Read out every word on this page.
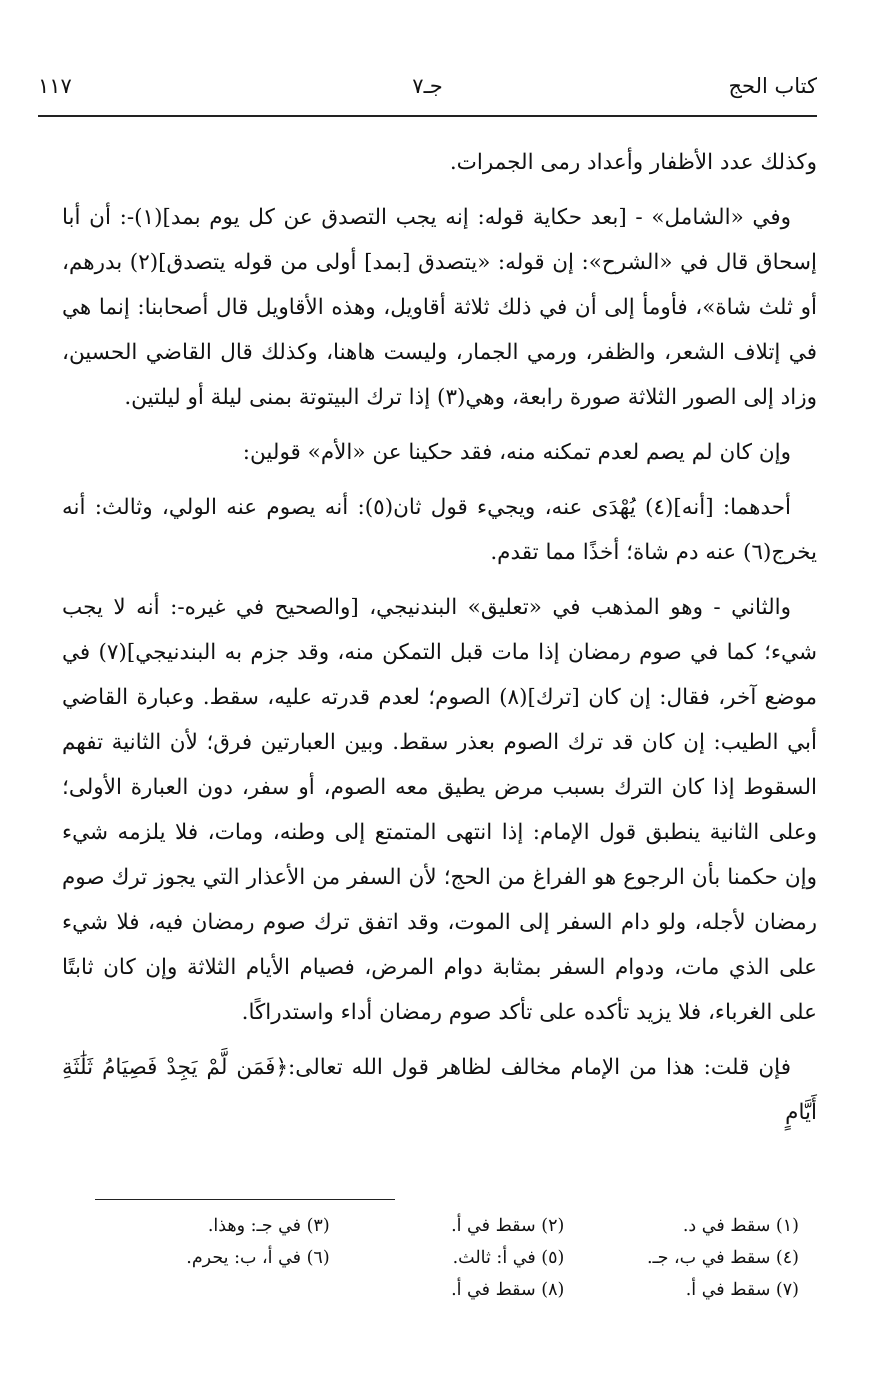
كتاب الحج
جـ٧
١١٧

وكذلك عدد الأظفار وأعداد رمى الجمرات.

وفي «الشامل» - [بعد حكاية قوله: إنه يجب التصدق عن كل يوم بمد](١)-: أن أبا إسحاق قال في «الشرح»: إن قوله: «يتصدق [بمد] أولى من قوله يتصدق](٢) بدرهم، أو ثلث شاة»، فأومأ إلى أن في ذلك ثلاثة أقاويل، وهذه الأقاويل قال أصحابنا: إنما هي في إتلاف الشعر، والظفر، ورمي الجمار، وليست هاهنا، وكذلك قال القاضي الحسين، وزاد إلى الصور الثلاثة صورة رابعة، وهي(٣) إذا ترك البيتوتة بمنى ليلة أو ليلتين.

وإن كان لم يصم لعدم تمكنه منه، فقد حكينا عن «الأم» قولين:

أحدهما: [أنه](٤) يُهْدَى عنه، ويجيء قول ثان(٥): أنه يصوم عنه الولي، وثالث: أنه يخرج(٦) عنه دم شاة؛ أخذًا مما تقدم.

والثاني - وهو المذهب في «تعليق» البندنيجي، [والصحيح في غيره-: أنه لا يجب شيء؛ كما في صوم رمضان إذا مات قبل التمكن منه، وقد جزم به البندنيجي](٧) في موضع آخر، فقال: إن كان [ترك](٨) الصوم؛ لعدم قدرته عليه، سقط. وعبارة القاضي أبي الطيب: إن كان قد ترك الصوم بعذر سقط. وبين العبارتين فرق؛ لأن الثانية تفهم السقوط إذا كان الترك بسبب مرض يطيق معه الصوم، أو سفر، دون العبارة الأولى؛ وعلى الثانية ينطبق قول الإمام: إذا انتهى المتمتع إلى وطنه، ومات، فلا يلزمه شيء وإن حكمنا بأن الرجوع هو الفراغ من الحج؛ لأن السفر من الأعذار التي يجوز ترك صوم رمضان لأجله، ولو دام السفر إلى الموت، وقد اتفق ترك صوم رمضان فيه، فلا شيء على الذي مات، ودوام السفر بمثابة دوام المرض، فصيام الأيام الثلاثة وإن كان ثابتًا على الغرباء، فلا يزيد تأكده على تأكد صوم رمضان أداء واستدراكًا.

فإن قلت: هذا من الإمام مخالف لظاهر قول الله تعالى:﴿فَمَن لَّمْ يَجِدْ فَصِيَامُ ثَلَٰثَةِ أَيَّامٍ

(١) سقط في د.
(٢) سقط في أ.
(٣) في جـ: وهذا.
(٤) سقط في ب، جـ.
(٥) في أ: ثالث.
(٦) في أ، ب: يحرم.
(٧) سقط في أ.
(٨) سقط في أ.
